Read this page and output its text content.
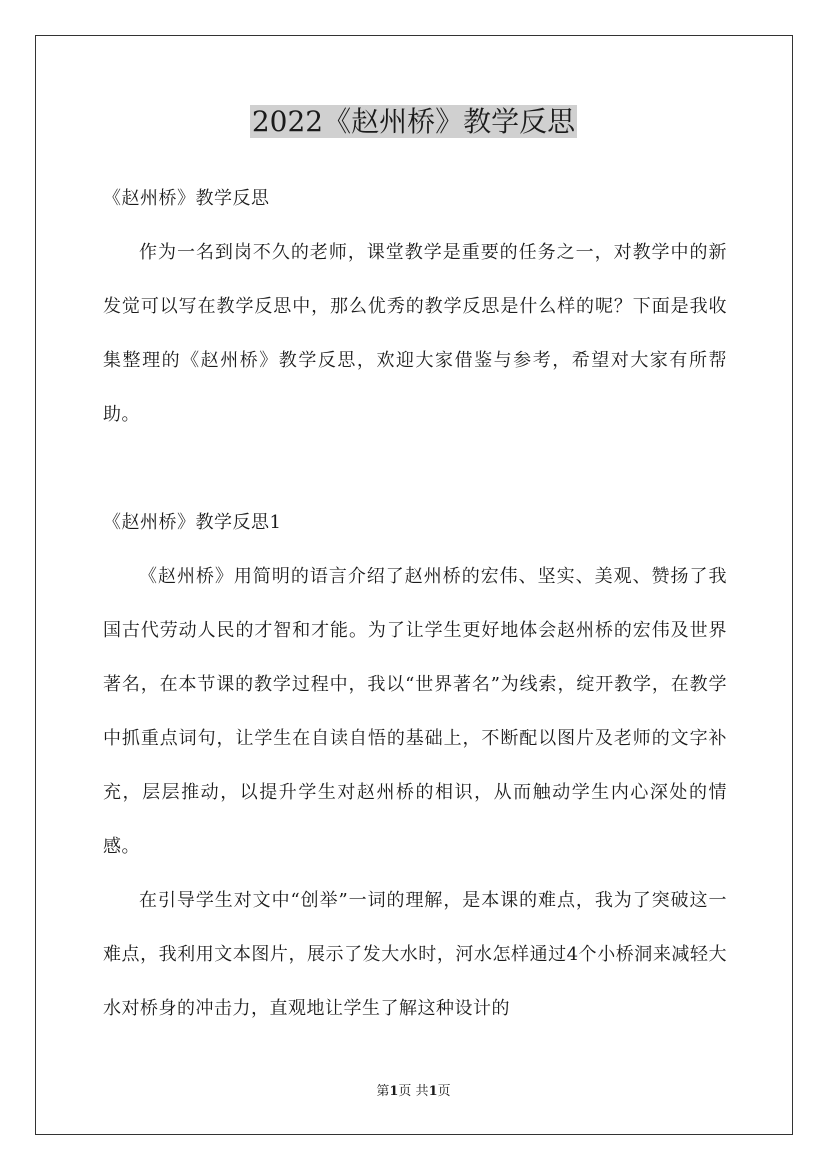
2022《赵州桥》教学反思

《赵州桥》教学反思

作为一名到岗不久的老师，课堂教学是重要的任务之一，对教学中的新发觉可以写在教学反思中，那么优秀的教学反思是什么样的呢？下面是我收集整理的《赵州桥》教学反思，欢迎大家借鉴与参考，希望对大家有所帮助。

《赵州桥》教学反思1

《赵州桥》用简明的语言介绍了赵州桥的宏伟、坚实、美观、赞扬了我国古代劳动人民的才智和才能。为了让学生更好地体会赵州桥的宏伟及世界著名，在本节课的教学过程中，我以“世界著名”为线索，绽开教学，在教学中抓重点词句，让学生在自读自悟的基础上，不断配以图片及老师的文字补充，层层推动，以提升学生对赵州桥的相识，从而触动学生内心深处的情感。

在引导学生对文中“创举”一词的理解，是本课的难点，我为了突破这一难点，我利用文本图片，展示了发大水时，河水怎样通过4个小桥洞来减轻大水对桥身的冲击力，直观地让学生了解这种设计的

第1页 共1页
